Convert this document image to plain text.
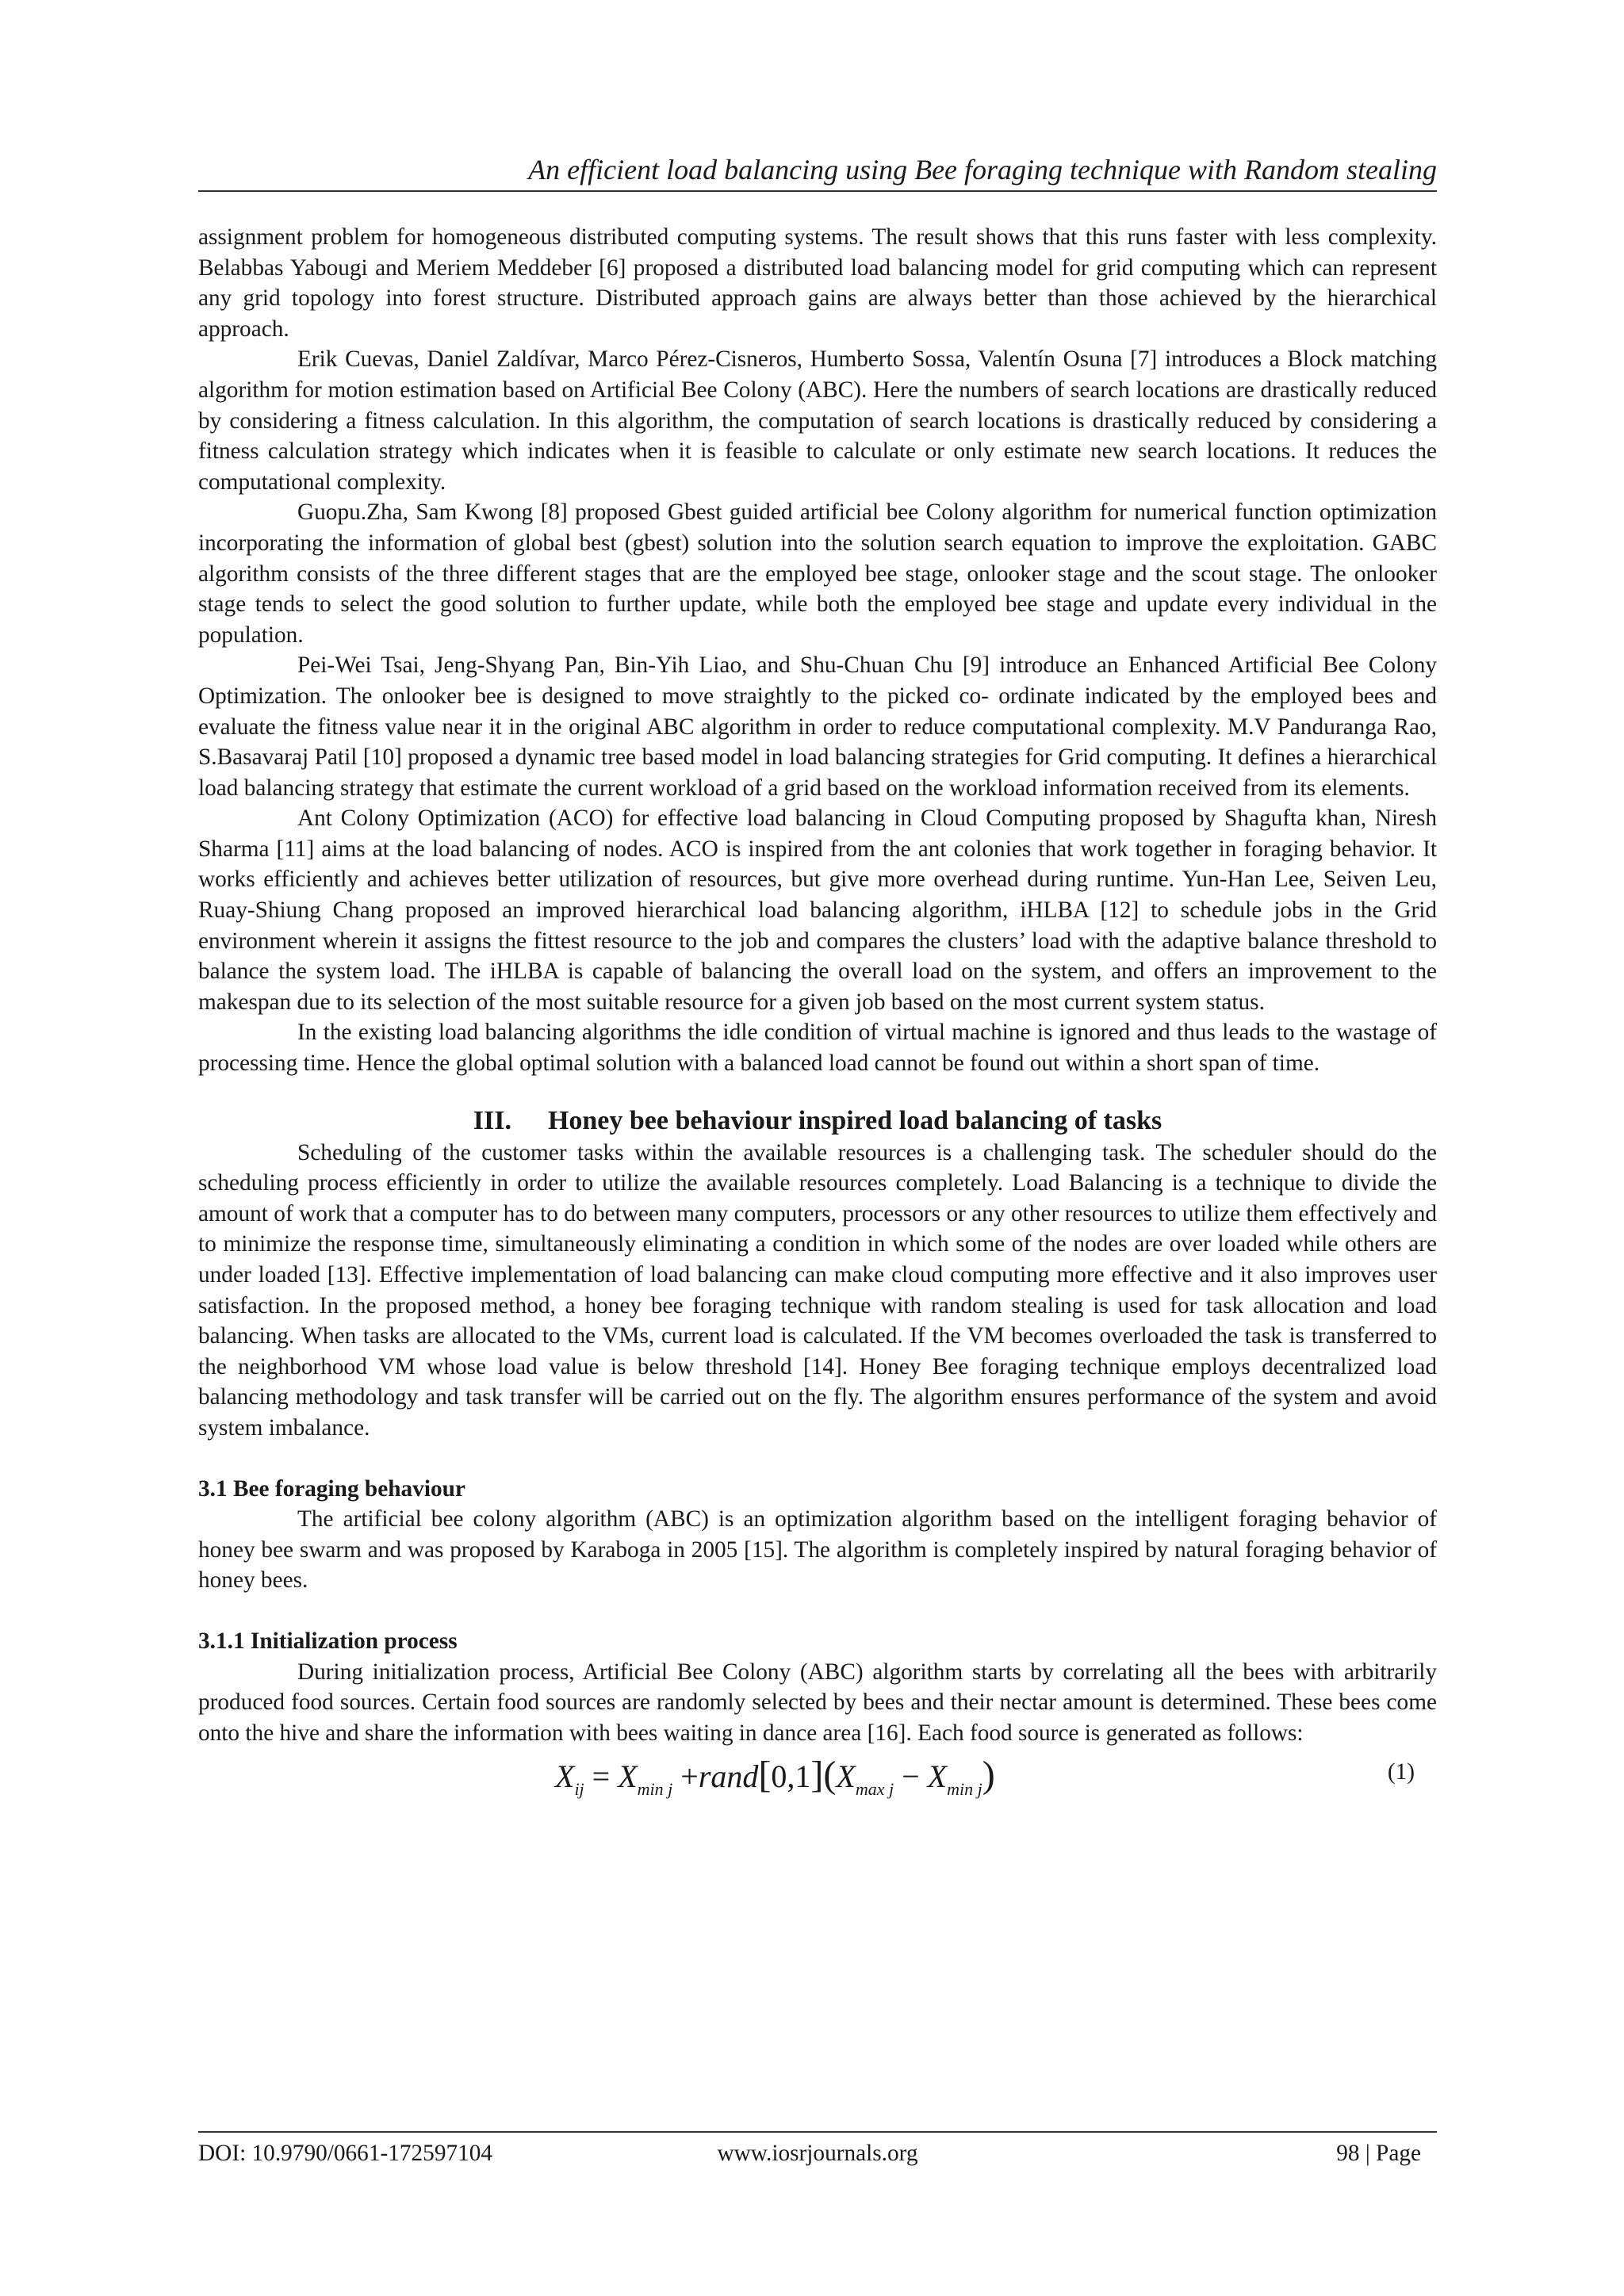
An efficient load balancing using Bee foraging technique with Random stealing

assignment problem for homogeneous distributed computing systems. The result shows that this runs faster with less complexity. Belabbas Yabougi and Meriem Meddeber [6] proposed a distributed load balancing model for grid computing which can represent any grid topology into forest structure. Distributed approach gains are always better than those achieved by the hierarchical approach.

Erik Cuevas, Daniel Zaldívar, Marco Pérez-Cisneros, Humberto Sossa, Valentín Osuna [7] introduces a Block matching algorithm for motion estimation based on Artificial Bee Colony (ABC). Here the numbers of search locations are drastically reduced by considering a fitness calculation. In this algorithm, the computation of search locations is drastically reduced by considering a fitness calculation strategy which indicates when it is feasible to calculate or only estimate new search locations. It reduces the computational complexity.

Guopu.Zha, Sam Kwong [8] proposed Gbest guided artificial bee Colony algorithm for numerical function optimization incorporating the information of global best (gbest) solution into the solution search equation to improve the exploitation. GABC algorithm consists of the three different stages that are the employed bee stage, onlooker stage and the scout stage. The onlooker stage tends to select the good solution to further update, while both the employed bee stage and update every individual in the population.

Pei-Wei Tsai, Jeng-Shyang Pan, Bin-Yih Liao, and Shu-Chuan Chu [9] introduce an Enhanced Artificial Bee Colony Optimization. The onlooker bee is designed to move straightly to the picked co- ordinate indicated by the employed bees and evaluate the fitness value near it in the original ABC algorithm in order to reduce computational complexity. M.V Panduranga Rao, S.Basavaraj Patil [10] proposed a dynamic tree based model in load balancing strategies for Grid computing. It defines a hierarchical load balancing strategy that estimate the current workload of a grid based on the workload information received from its elements.

Ant Colony Optimization (ACO) for effective load balancing in Cloud Computing proposed by Shagufta khan, Niresh Sharma [11] aims at the load balancing of nodes. ACO is inspired from the ant colonies that work together in foraging behavior. It works efficiently and achieves better utilization of resources, but give more overhead during runtime. Yun-Han Lee, Seiven Leu, Ruay-Shiung Chang proposed an improved hierarchical load balancing algorithm, iHLBA [12] to schedule jobs in the Grid environment wherein it assigns the fittest resource to the job and compares the clusters’ load with the adaptive balance threshold to balance the system load. The iHLBA is capable of balancing the overall load on the system, and offers an improvement to the makespan due to its selection of the most suitable resource for a given job based on the most current system status.

In the existing load balancing algorithms the idle condition of virtual machine is ignored and thus leads to the wastage of processing time. Hence the global optimal solution with a balanced load cannot be found out within a short span of time.

III. Honey bee behaviour inspired load balancing of tasks

Scheduling of the customer tasks within the available resources is a challenging task. The scheduler should do the scheduling process efficiently in order to utilize the available resources completely. Load Balancing is a technique to divide the amount of work that a computer has to do between many computers, processors or any other resources to utilize them effectively and to minimize the response time, simultaneously eliminating a condition in which some of the nodes are over loaded while others are under loaded [13]. Effective implementation of load balancing can make cloud computing more effective and it also improves user satisfaction. In the proposed method, a honey bee foraging technique with random stealing is used for task allocation and load balancing. When tasks are allocated to the VMs, current load is calculated. If the VM becomes overloaded the task is transferred to the neighborhood VM whose load value is below threshold [14]. Honey Bee foraging technique employs decentralized load balancing methodology and task transfer will be carried out on the fly. The algorithm ensures performance of the system and avoid system imbalance.

3.1 Bee foraging behaviour

The artificial bee colony algorithm (ABC) is an optimization algorithm based on the intelligent foraging behavior of honey bee swarm and was proposed by Karaboga in 2005 [15]. The algorithm is completely inspired by natural foraging behavior of honey bees.

3.1.1 Initialization process

During initialization process, Artificial Bee Colony (ABC) algorithm starts by correlating all the bees with arbitrarily produced food sources. Certain food sources are randomly selected by bees and their nectar amount is determined. These bees come onto the hive and share the information with bees waiting in dance area [16]. Each food source is generated as follows:

$X_{ij} = X_{min j}$ $+rand[0,1](X_{max j} - X_{min j})$	(1)
DOI: 10.9790/0661-172597104	www.iosrjournals.org	98 | Page
